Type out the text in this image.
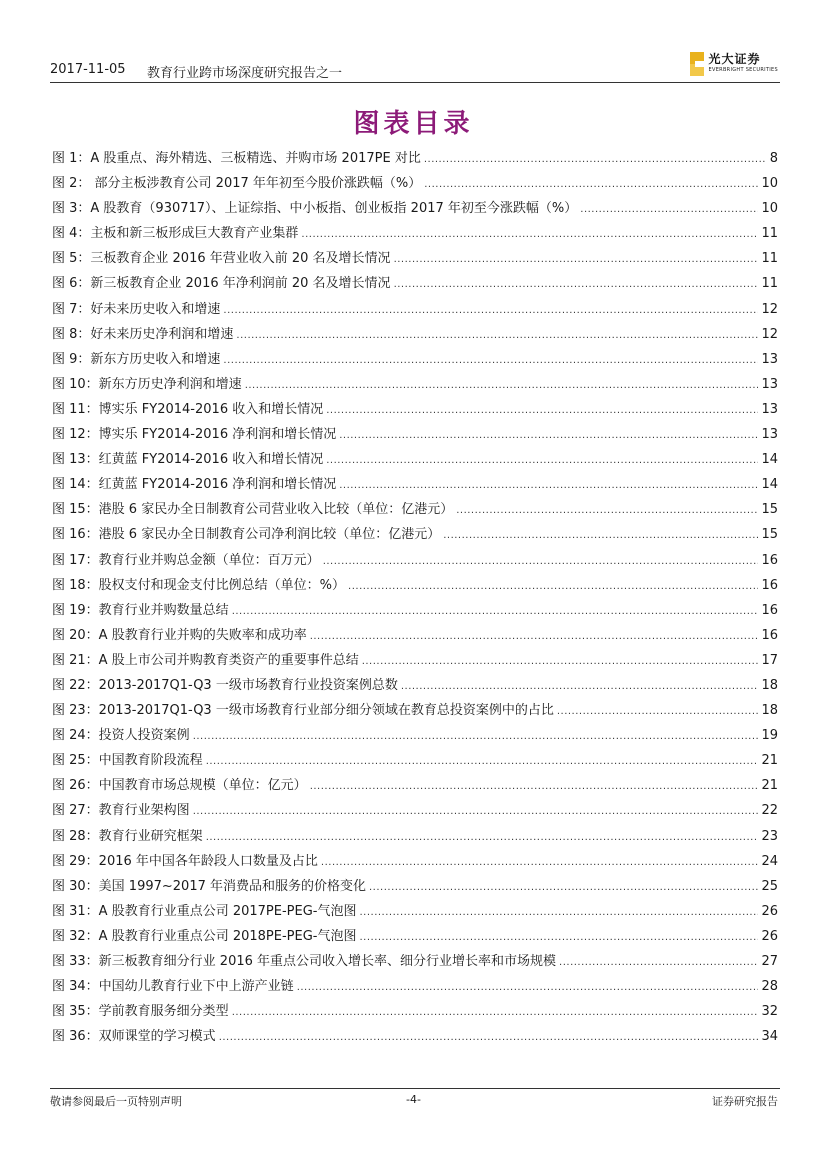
2017-11-05 教育行业跨市场深度研究报告之一
光大证券
EVERBRIGHT SECURITIES
图表目录
图 1：A 股重点、海外精选、三板精选、并购市场 2017PE 对比 .....	8
图 2： 部分主板涉教育公司 2017 年年初至今股价涨跌幅（%） .....	10
图 3：A 股教育（930717）、上证综指、中小板指、创业板指 2017 年初至今涨跌幅（%） .....	10
图 4：主板和新三板形成巨大教育产业集群 .....	11
图 5：三板教育企业 2016 年营业收入前 20 名及增长情况 .....	11
图 6：新三板教育企业 2016 年净利润前 20 名及增长情况 .....	11
图 7：好未来历史收入和增速 .....	12
图 8：好未来历史净利润和增速 .....	12
图 9：新东方历史收入和增速 .....	13
图 10：新东方历史净利润和增速 .....	13
图 11：博实乐 FY2014-2016 收入和增长情况 .....	13
图 12：博实乐 FY2014-2016 净利润和增长情况 .....	13
图 13：红黄蓝 FY2014-2016 收入和增长情况 .....	14
图 14：红黄蓝 FY2014-2016 净利润和增长情况 .....	14
图 15：港股 6 家民办全日制教育公司营业收入比较（单位：亿港元） .....	15
图 16：港股 6 家民办全日制教育公司净利润比较（单位：亿港元） .....	15
图 17：教育行业并购总金额（单位：百万元） .....	16
图 18：股权支付和现金支付比例总结（单位：%） .....	16
图 19：教育行业并购数量总结 .....	16
图 20：A 股教育行业并购的失败率和成功率 .....	16
图 21：A 股上市公司并购教育类资产的重要事件总结 .....	17
图 22：2013-2017Q1-Q3 一级市场教育行业投资案例总数 .....	18
图 23：2013-2017Q1-Q3 一级市场教育行业部分细分领域在教育总投资案例中的占比 .....	18
图 24：投资人投资案例 .....	19
图 25：中国教育阶段流程 .....	21
图 26：中国教育市场总规模（单位：亿元） .....	21
图 27：教育行业架构图 .....	22
图 28：教育行业研究框架 .....	23
图 29：2016 年中国各年龄段人口数量及占比 .....	24
图 30：美国 1997~2017 年消费品和服务的价格变化 .....	25
图 31：A 股教育行业重点公司 2017PE-PEG-气泡图 .....	26
图 32：A 股教育行业重点公司 2018PE-PEG-气泡图 .....	26
图 33：新三板教育细分行业 2016 年重点公司收入增长率、细分行业增长率和市场规模 .....	27
图 34：中国幼儿教育行业下中上游产业链 .....	28
图 35：学前教育服务细分类型 .....	32
图 36：双师课堂的学习模式 .....	34
敬请参阅最后一页特别声明	-4-	证券研究报告
